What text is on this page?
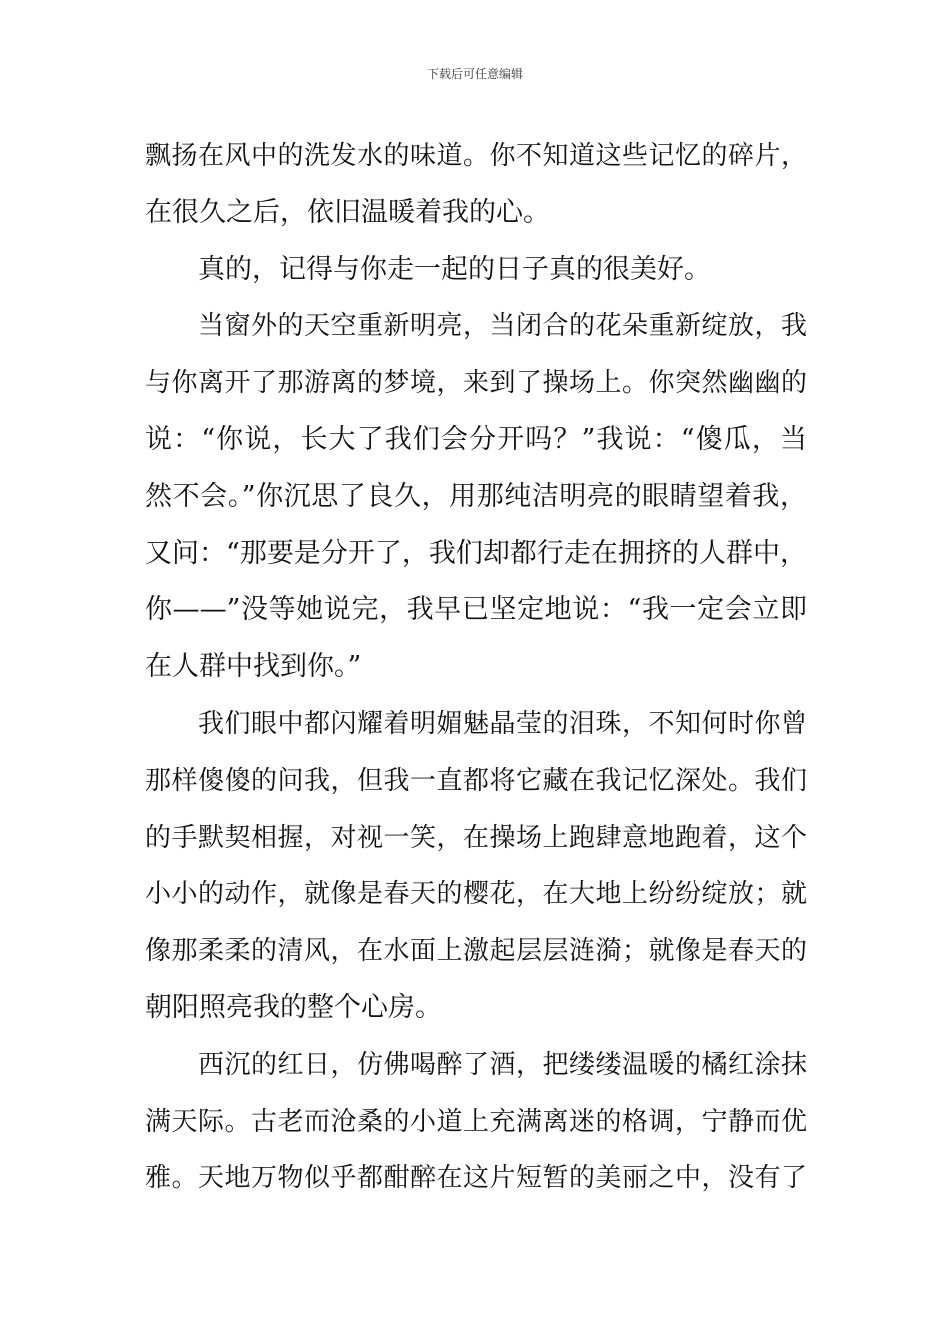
下载后可任意编辑
飘扬在风中的洗发水的味道。你不知道这些记忆的碎片，
在很久之后，依旧温暖着我的心。
真的，记得与你走一起的日子真的很美好。
当窗外的天空重新明亮，当闭合的花朵重新绽放，我
与你离开了那游离的梦境，来到了操场上。你突然幽幽的
说：“你说，长大了我们会分开吗？”我说：“傻瓜，当
然不会。”你沉思了良久，用那纯洁明亮的眼睛望着我，
又问：“那要是分开了，我们却都行走在拥挤的人群中，
你——”没等她说完，我早已坚定地说：“我一定会立即
在人群中找到你。”
我们眼中都闪耀着明媚魅晶莹的泪珠，不知何时你曾
那样傻傻的问我，但我一直都将它藏在我记忆深处。我们
的手默契相握，对视一笑，在操场上跑肆意地跑着，这个
小小的动作，就像是春天的樱花，在大地上纷纷绽放；就
像那柔柔的清风，在水面上激起层层涟漪；就像是春天的
朝阳照亮我的整个心房。
西沉的红日，仿佛喝醉了酒，把缕缕温暖的橘红涂抹
满天际。古老而沧桑的小道上充满离迷的格调，宁静而优
雅。天地万物似乎都酣醉在这片短暂的美丽之中，没有了
